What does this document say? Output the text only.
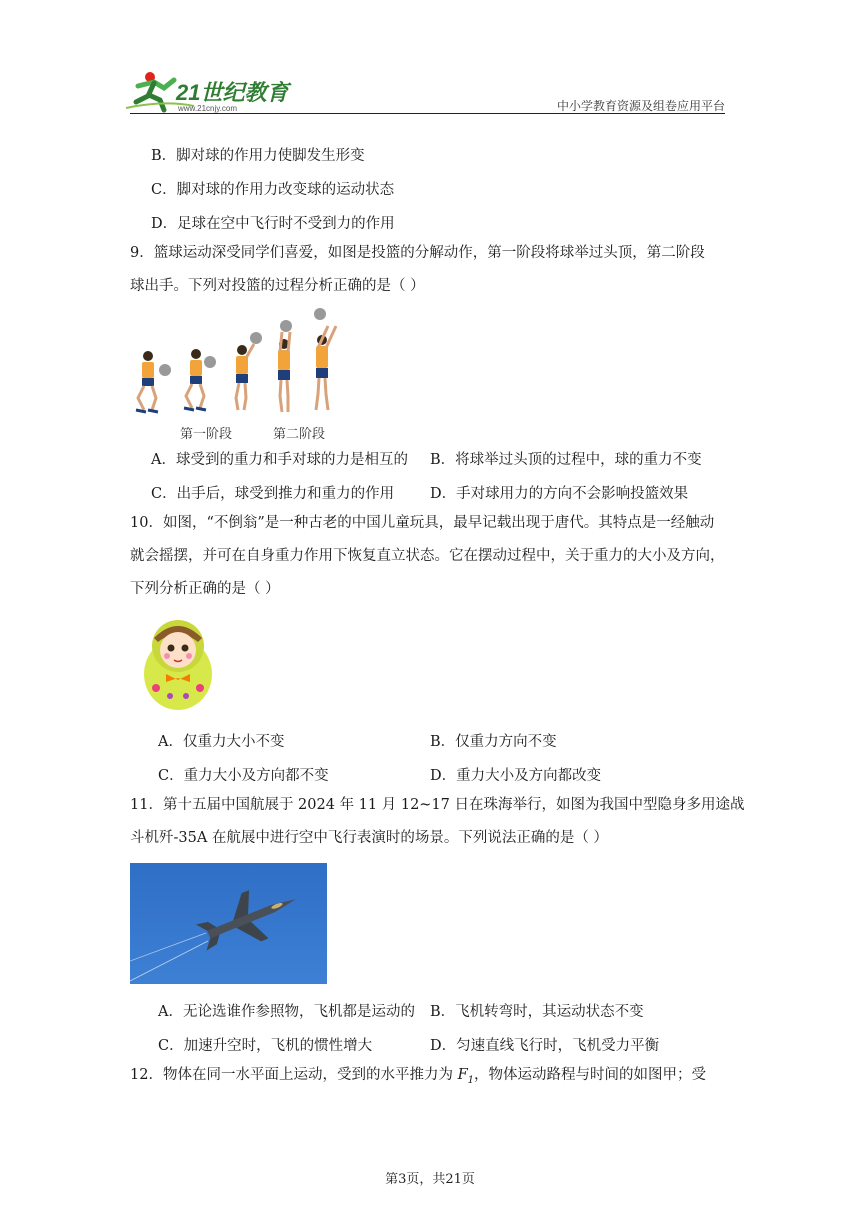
21世纪教育
www.21cnjy.com	中小学教育资源及组卷应用平台
B．脚对球的作用力使脚发生形变
C．脚对球的作用力改变球的运动状态
D．足球在空中飞行时不受到力的作用
9．篮球运动深受同学们喜爱，如图是投篮的分解动作，第一阶段将球举过头顶，第二阶段
球出手。下列对投篮的过程分析正确的是（ ）
第一阶段	第二阶段
A．球受到的重力和手对球的力是相互的 B．将球举过头顶的过程中，球的重力不变
C．出手后，球受到推力和重力的作用 D．手对球用力的方向不会影响投篮效果
10．如图，“不倒翁”是一种古老的中国儿童玩具，最早记载出现于唐代。其特点是一经触动
就会摇摆，并可在自身重力作用下恢复直立状态。它在摆动过程中，关于重力的大小及方向，
下列分析正确的是（ ）
A．仅重力大小不变	B．仅重力方向不变
C．重力大小及方向都不变	D．重力大小及方向都改变
11．第十五届中国航展于 2024 年 11 月 12~17 日在珠海举行，如图为我国中型隐身多用途战
斗机歼-35A 在航展中进行空中飞行表演时的场景。下列说法正确的是（ ）
A．无论选谁作参照物，飞机都是运动的 B．飞机转弯时，其运动状态不变
C．加速升空时，飞机的惯性增大	D．匀速直线飞行时，飞机受力平衡
12．物体在同一水平面上运动，受到的水平推力为 $F_1$，物体运动路程与时间的如图甲；受
第3页，共21页
